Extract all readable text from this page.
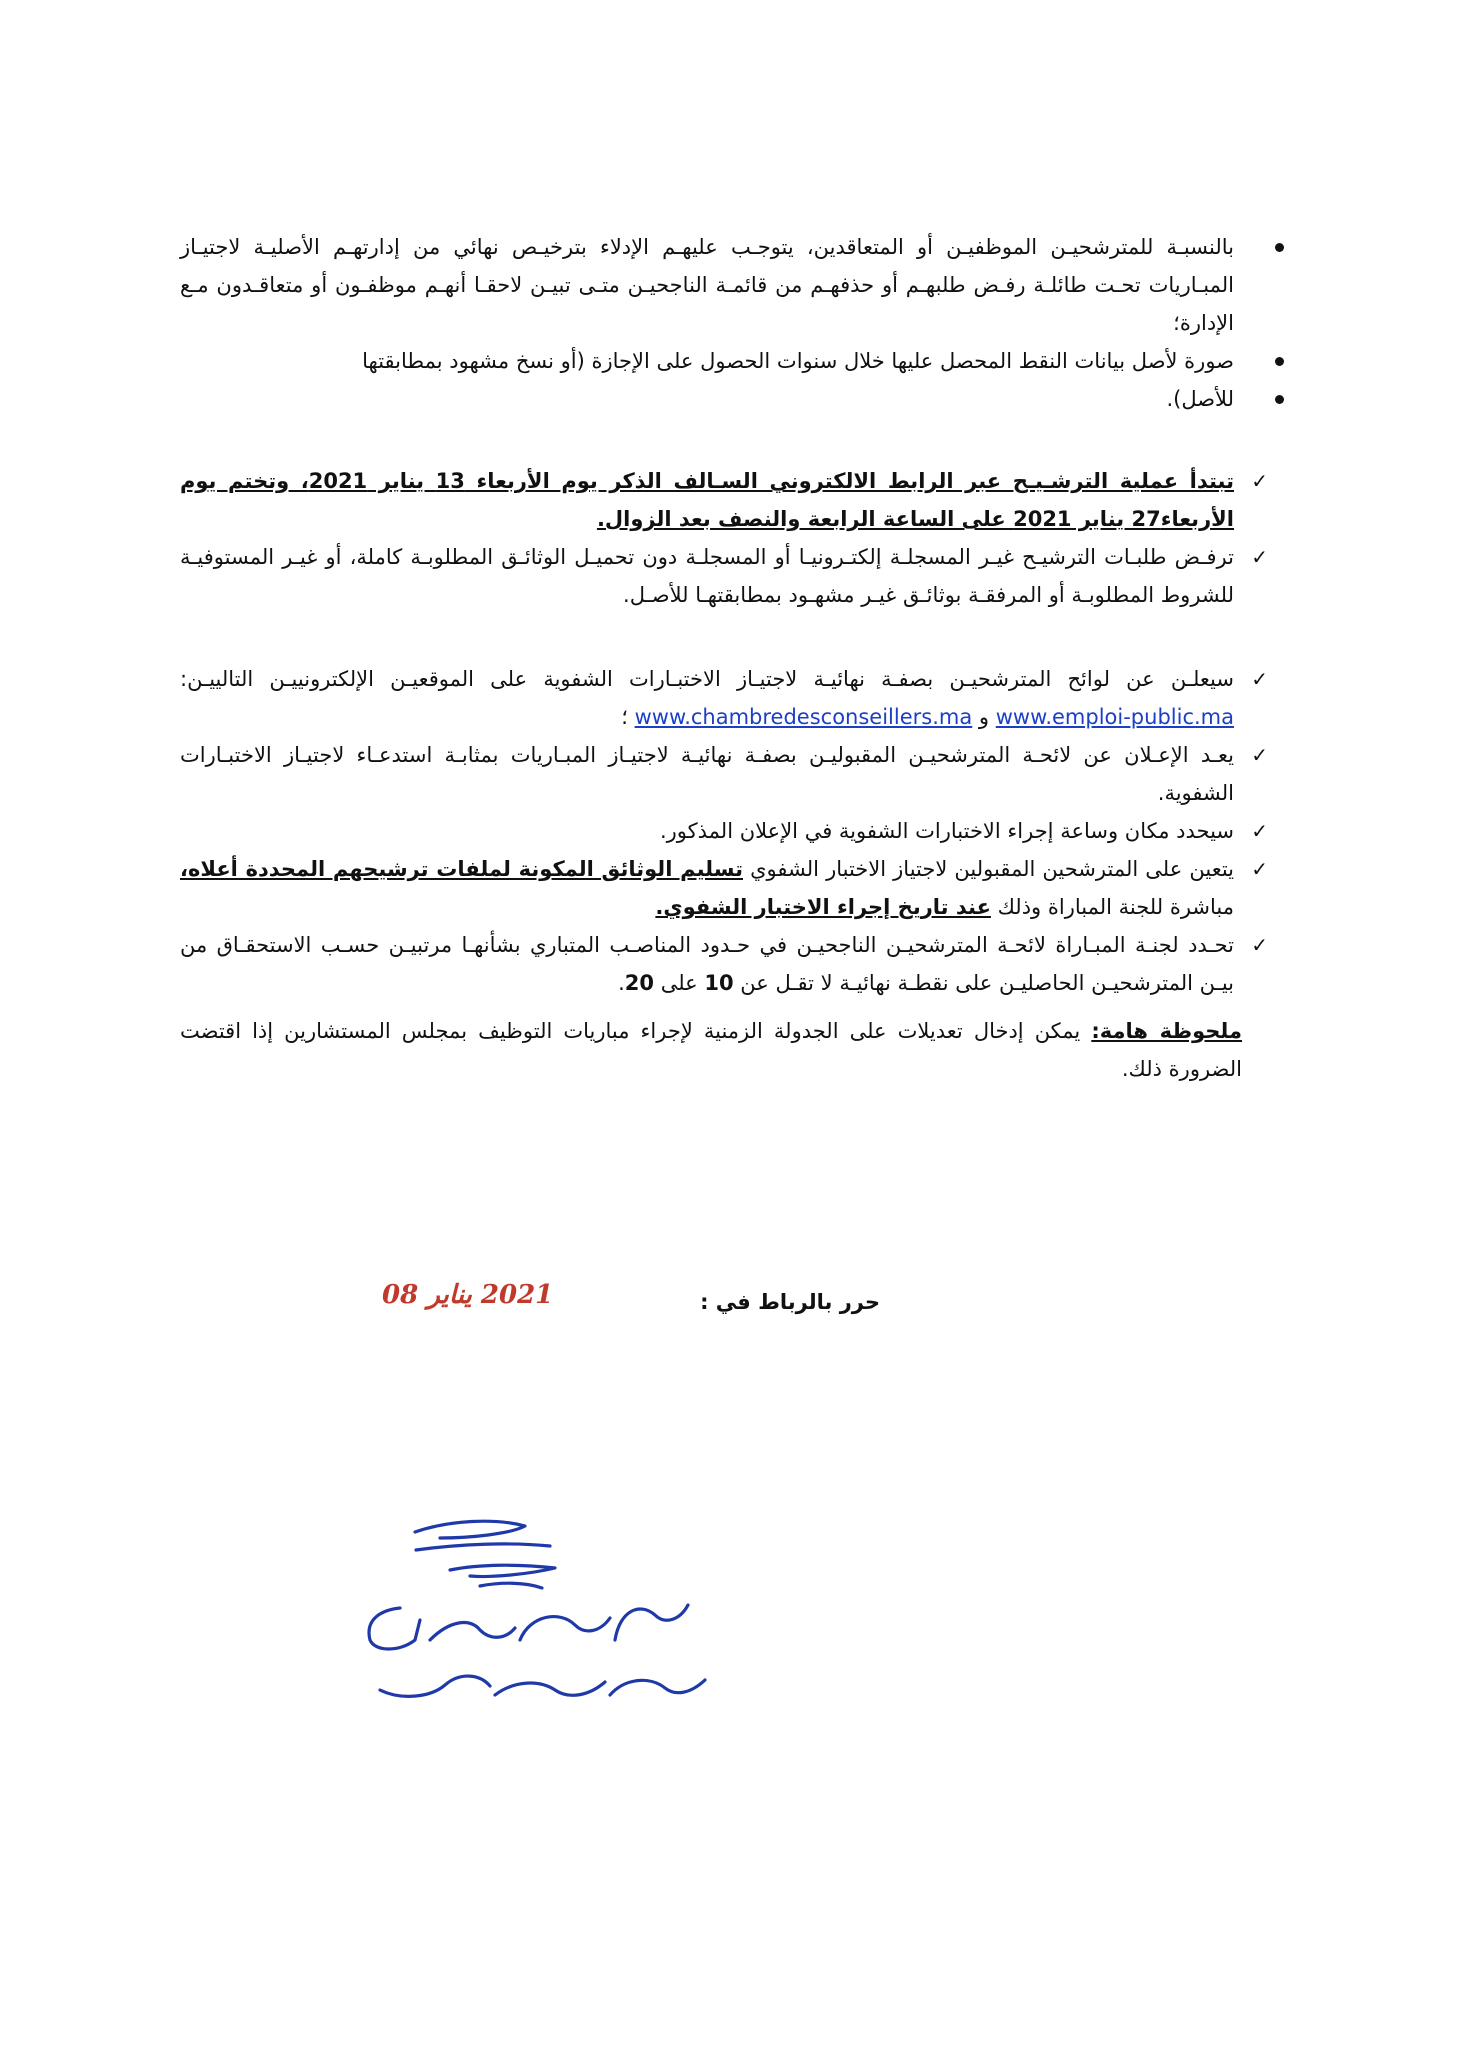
بالنسبـة للمترشحيـن الموظفيـن أو المتعاقدين، يتوجـب عليهـم الإدلاء بترخيـص نهائي من إدارتهـم الأصليـة لاجتيـاز المبـاريات تحـت طائلـة رفـض طلبهـم أو حذفهـم من قائمـة الناجحيـن متـى تبيـن لاحقـا أنهـم موظفـون أو متعاقـدون مـع الإدارة؛
صورة لأصل بيانات النقط المحصل عليها خلال سنوات الحصول على الإجازة (أو نسخ مشهود بمطابقتها
للأصل).
✓
تبتدأ عملية الترشـيـح عبر الرابط الالكتروني السـالف الذكر يوم الأربعاء 13 يناير 2021، وتختم يوم الأربعاء27 يناير 2021 على الساعة الرابعة والنصف بعد الزوال.
✓
ترفـض طلبـات الترشيـح غيـر المسجلـة إلكتـرونيـا أو المسجلـة دون تحميـل الوثائـق المطلوبـة كاملة، أو غيـر المستوفيـة للشروط المطلوبـة أو المرفقـة بوثائـق غيـر مشهـود بمطابقتهـا للأصـل.
✓
سيعلـن عن لوائح المترشحيـن بصفـة نهائيـة لاجتيـاز الاختبـارات الشفوية على الموقعيـن الإلكترونييـن التالييـن: www.emploi-public.ma و www.chambredesconseillers.ma ؛
✓
يعـد الإعـلان عن لائحـة المترشحيـن المقبوليـن بصفـة نهائيـة لاجتيـاز المبـاريات بمثابـة استدعـاء لاجتيـاز الاختبـارات الشفوية.
✓
سيحدد مكان وساعة إجراء الاختبارات الشفوية في الإعلان المذكور.
✓
يتعين على المترشحين المقبولين لاجتياز الاختبار الشفوي تسليم الوثائق المكونة لملفات ترشيحهم المحددة أعلاه، مباشرة للجنة المباراة وذلك عند تاريخ إجراء الاختبار الشفوي.
✓
تحـدد لجنـة المبـاراة لائحـة المترشحيـن الناجحيـن في حـدود المناصـب المتباري بشأنهـا مرتبيـن حسـب الاستحقـاق من بيـن المترشحيـن الحاصليـن على نقطـة نهائيـة لا تقـل عن 10 على 20.
ملحوظة هامة: يمكن إدخال تعديلات على الجدولة الزمنية لإجراء مباريات التوظيف بمجلس المستشارين إذا اقتضت الضرورة ذلك.
حرر بالرباط في :
2021 يناير 08
